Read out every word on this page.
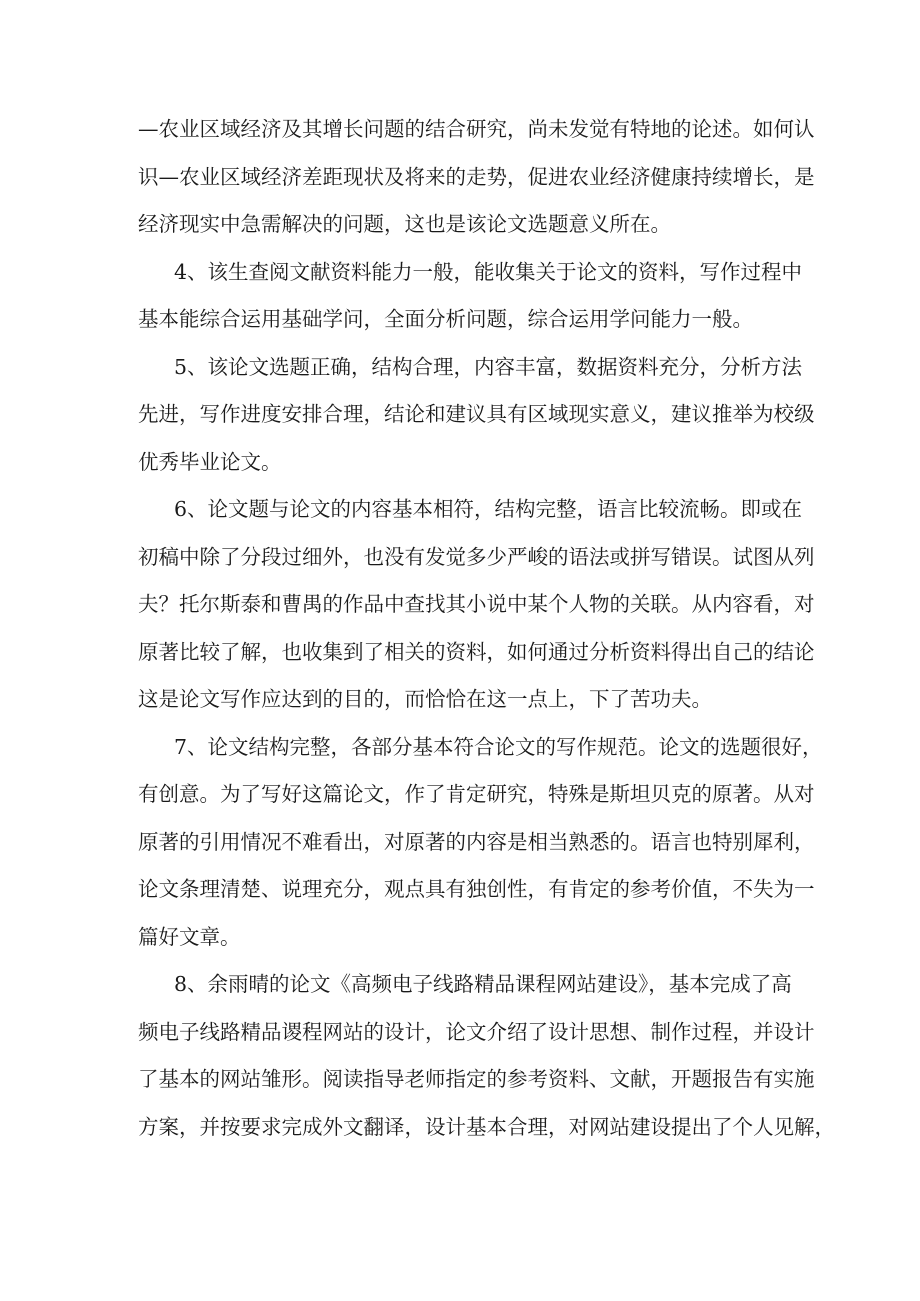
—农业区域经济及其增长问题的结合研究，尚未发觉有特地的论述。如何认
识—农业区域经济差距现状及将来的走势，促进农业经济健康持续增长，是
经济现实中急需解决的问题，这也是该论文选题意义所在。
4、该生查阅文献资料能力一般，能收集关于论文的资料，写作过程中
基本能综合运用基础学问，全面分析问题，综合运用学问能力一般。
5、该论文选题正确，结构合理，内容丰富，数据资料充分，分析方法
先进，写作进度安排合理，结论和建议具有区域现实意义，建议推举为校级
优秀毕业论文。
6、论文题与论文的内容基本相符，结构完整，语言比较流畅。即或在
初稿中除了分段过细外，也没有发觉多少严峻的语法或拼写错误。试图从列
夫？托尔斯泰和曹禺的作品中查找其小说中某个人物的关联。从内容看，对
原著比较了解，也收集到了相关的资料，如何通过分析资料得出自己的结论
这是论文写作应达到的目的，而恰恰在这一点上，下了苦功夫。
7、论文结构完整，各部分基本符合论文的写作规范。论文的选题很好，
有创意。为了写好这篇论文，作了肯定研究，特殊是斯坦贝克的原著。从对
原著的引用情况不难看出，对原著的内容是相当熟悉的。语言也特别犀利，
论文条理清楚、说理充分，观点具有独创性，有肯定的参考价值，不失为一
篇好文章。
8、余雨晴的论文《高频电子线路精品课程网站建设》，基本完成了高
频电子线路精品谡程网站的设计，论文介绍了设计思想、制作过程，并设计
了基本的网站雏形。阅读指导老师指定的参考资料、文献，开题报告有实施
方案，并按要求完成外文翻译，设计基本合理，对网站建设提出了个人见解，
